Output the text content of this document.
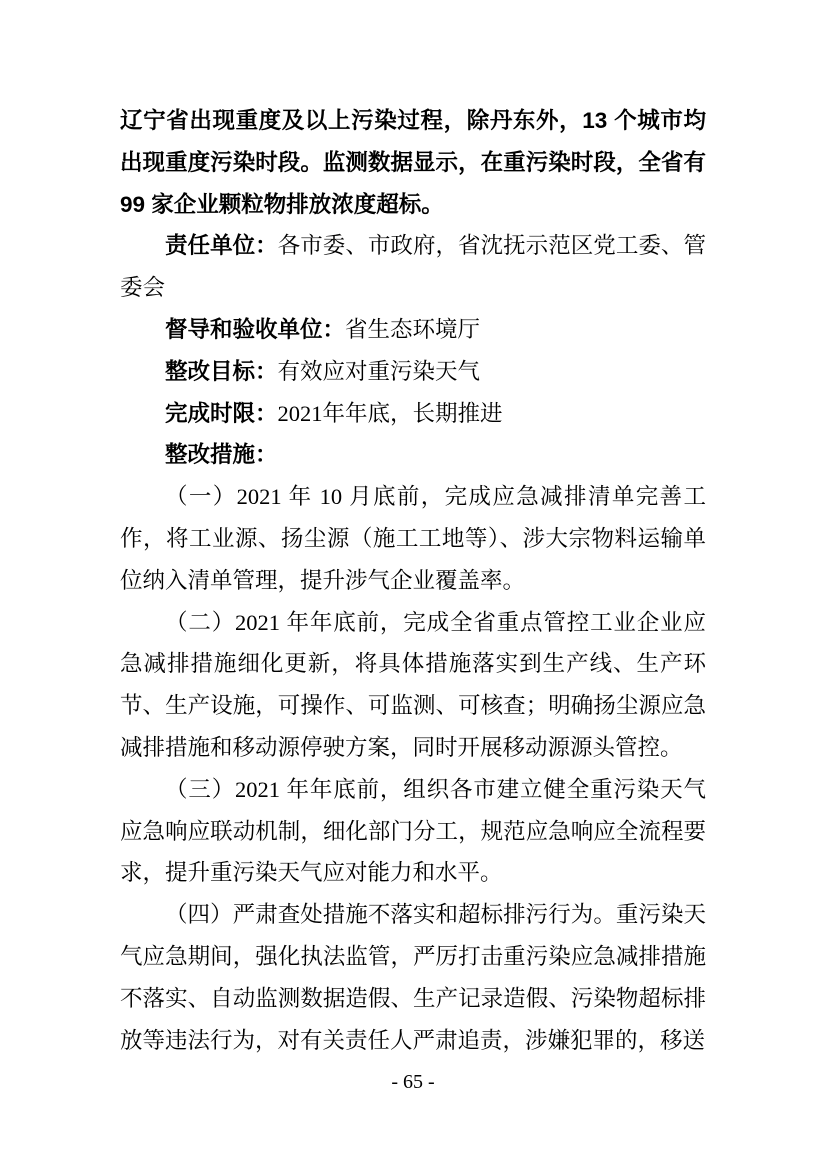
辽宁省出现重度及以上污染过程，除丹东外，13 个城市均出现重度污染时段。监测数据显示，在重污染时段，全省有 99 家企业颗粒物排放浓度超标。

责任单位：各市委、市政府，省沈抚示范区党工委、管委会

督导和验收单位：省生态环境厅

整改目标：有效应对重污染天气

完成时限：2021年年底，长期推进

整改措施：

（一）2021 年 10 月底前，完成应急减排清单完善工作，将工业源、扬尘源（施工工地等）、涉大宗物料运输单位纳入清单管理，提升涉气企业覆盖率。

（二）2021 年年底前，完成全省重点管控工业企业应急减排措施细化更新，将具体措施落实到生产线、生产环节、生产设施，可操作、可监测、可核查；明确扬尘源应急减排措施和移动源停驶方案，同时开展移动源源头管控。

（三）2021 年年底前，组织各市建立健全重污染天气应急响应联动机制，细化部门分工，规范应急响应全流程要求，提升重污染天气应对能力和水平。

（四）严肃查处措施不落实和超标排污行为。重污染天气应急期间，强化执法监管，严厉打击重污染应急减排措施不落实、自动监测数据造假、生产记录造假、污染物超标排放等违法行为，对有关责任人严肃追责，涉嫌犯罪的，移送

- 65 -
